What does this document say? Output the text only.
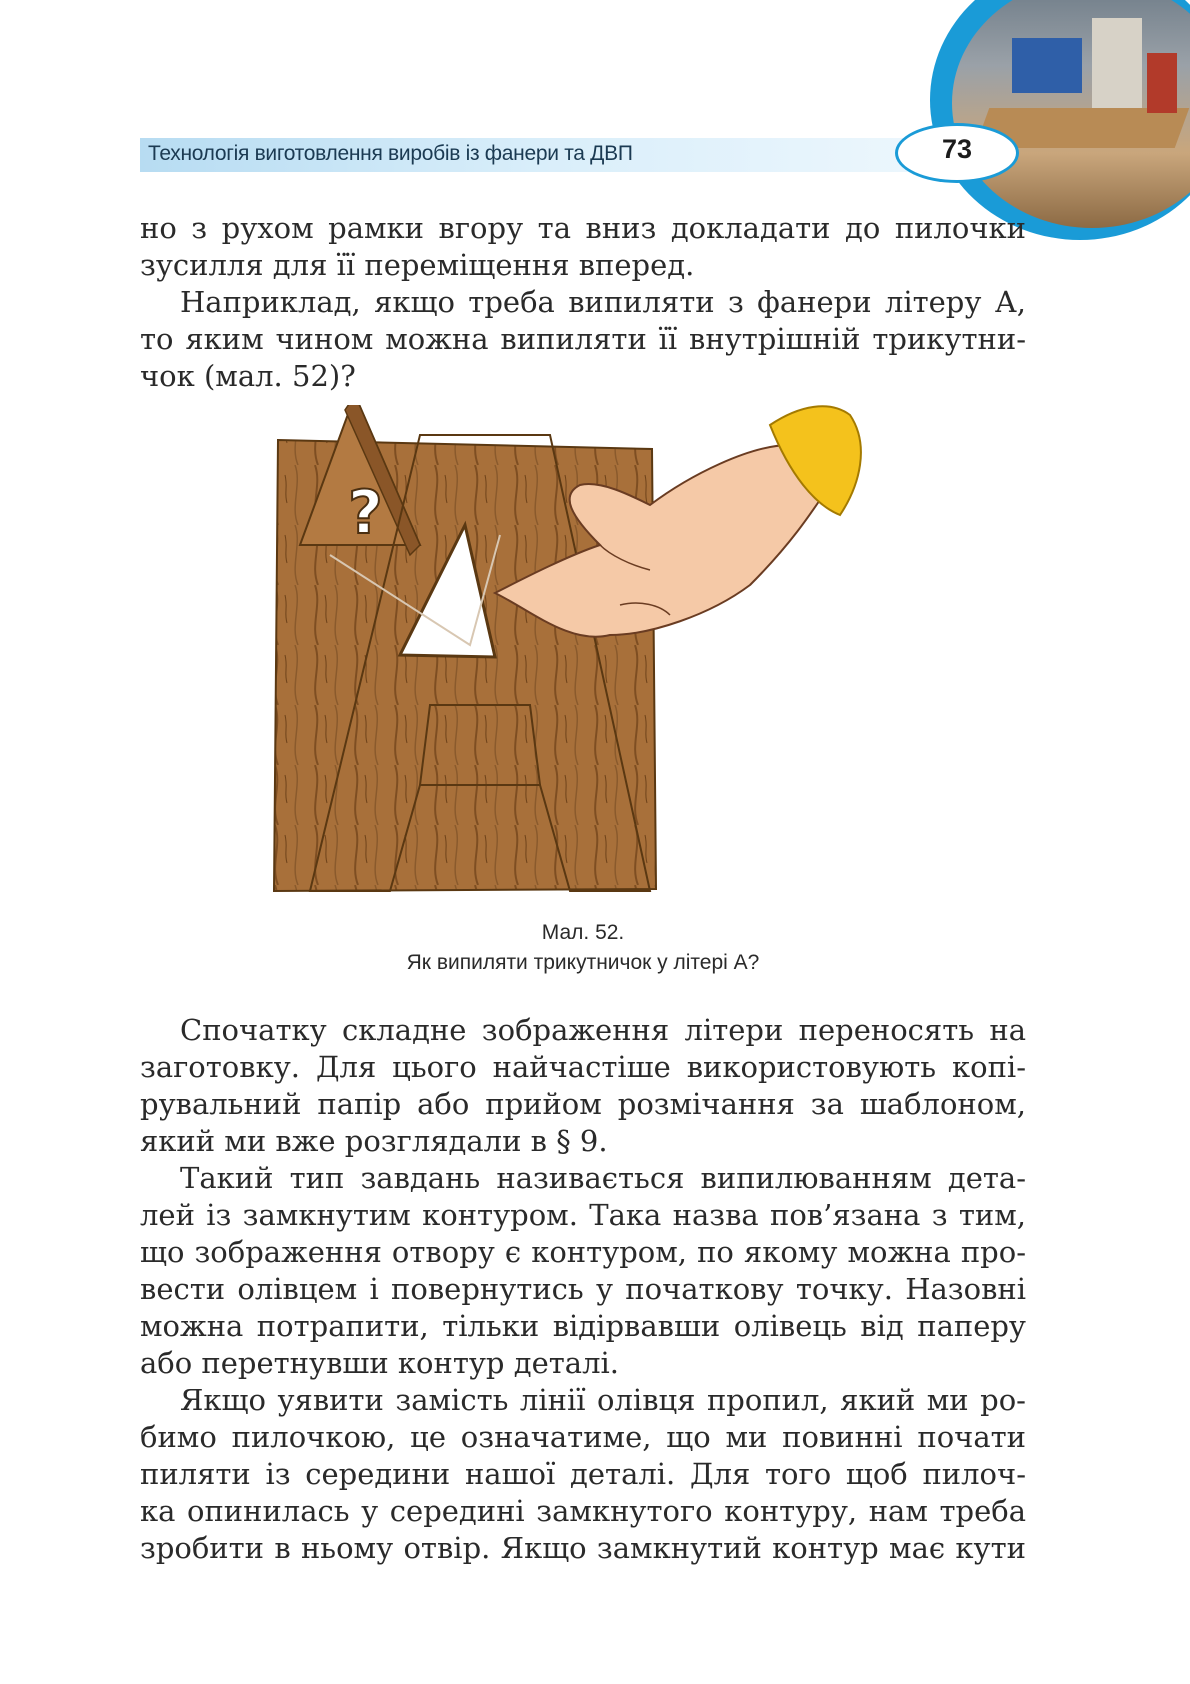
Технологія виготовлення виробів із фанери та ДВП	73
но з рухом рамки вгору та вниз докладати до пилочки
зусилля для її переміщення вперед.
Наприклад, якщо треба випиляти з фанери літеру А,
то яким чином можна випиляти її внутрішній трикутни-
чок (мал. 52)?
?
Мал. 52.
Як випиляти трикутничок у літері А?
Спочатку складне зображення літери переносять на
заготовку. Для цього найчастіше використовують копі-
рувальний папір або прийом розмічання за шаблоном,
який ми вже розглядали в § 9.
Такий тип завдань називається випилюванням дета-
лей із замкнутим контуром. Така назва пов’язана з тим,
що зображення отвору є контуром, по якому можна про-
вести олівцем і повернутись у початкову точку. Назовні
можна потрапити, тільки відірвавши олівець від паперу
або перетнувши контур деталі.
Якщо уявити замість лінії олівця пропил, який ми ро-
бимо пилочкою, це означатиме, що ми повинні почати
пиляти із середини нашої деталі. Для того щоб пилоч-
ка опинилась у середині замкнутого контуру, нам треба
зробити в ньому отвір. Якщо замкнутий контур має кути
